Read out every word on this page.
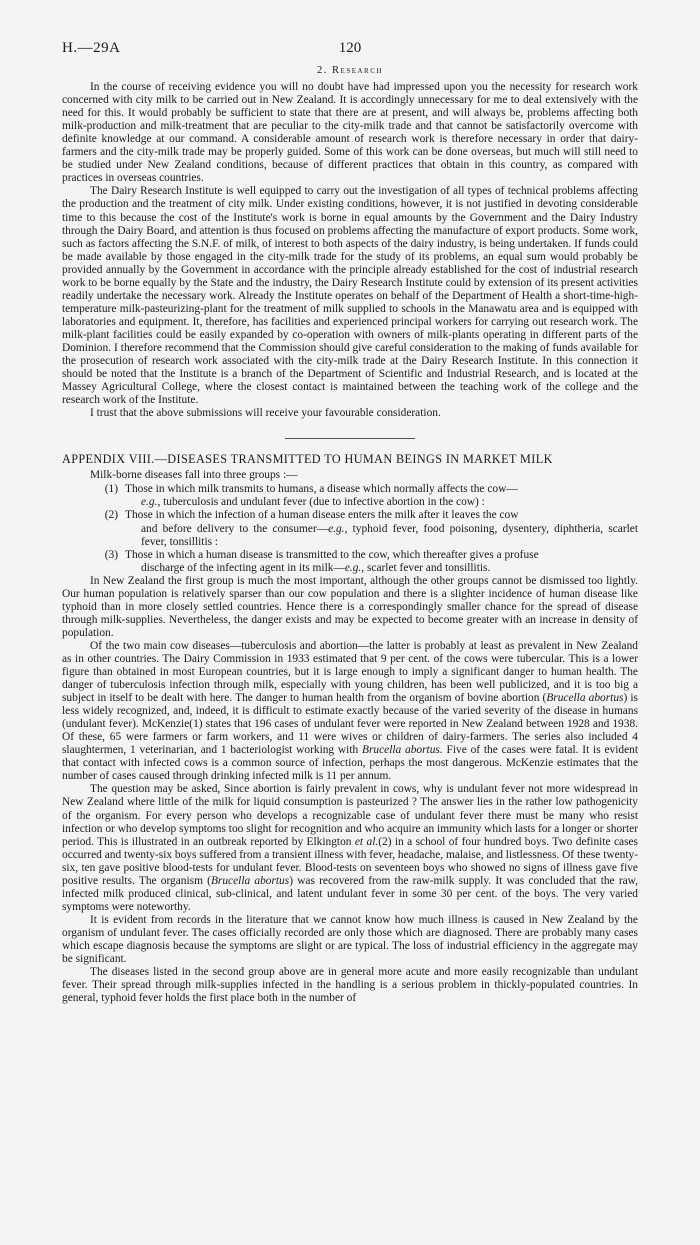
H.—29A	120
2. Research

In the course of receiving evidence you will no doubt have had impressed upon you the necessity for research work concerned with city milk to be carried out in New Zealand. It is accordingly unnecessary for me to deal extensively with the need for this. It would probably be sufficient to state that there are at present, and will always be, problems affecting both milk-production and milk-treatment that are peculiar to the city-milk trade and that cannot be satisfactorily overcome with definite knowledge at our command. A considerable amount of research work is therefore necessary in order that dairy-farmers and the city-milk trade may be properly guided. Some of this work can be done overseas, but much will still need to be studied under New Zealand conditions, because of different practices that obtain in this country, as compared with practices in overseas countries.

The Dairy Research Institute is well equipped to carry out the investigation of all types of technical problems affecting the production and the treatment of city milk. Under existing conditions, however, it is not justified in devoting considerable time to this because the cost of the Institute's work is borne in equal amounts by the Government and the Dairy Industry through the Dairy Board, and attention is thus focused on problems affecting the manufacture of export products. Some work, such as factors affecting the S.N.F. of milk, of interest to both aspects of the dairy industry, is being undertaken. If funds could be made available by those engaged in the city-milk trade for the study of its problems, an equal sum would probably be provided annually by the Government in accordance with the principle already established for the cost of industrial research work to be borne equally by the State and the industry, the Dairy Research Institute could by extension of its present activities readily undertake the necessary work. Already the Institute operates on behalf of the Department of Health a short-time-high-temperature milk-pasteurizing-plant for the treatment of milk supplied to schools in the Manawatu area and is equipped with laboratories and equipment. It, therefore, has facilities and experienced principal workers for carrying out research work. The milk-plant facilities could be easily expanded by co-operation with owners of milk-plants operating in different parts of the Dominion. I therefore recommend that the Commission should give careful consideration to the making of funds available for the prosecution of research work associated with the city-milk trade at the Dairy Research Institute. In this connection it should be noted that the Institute is a branch of the Department of Scientific and Industrial Research, and is located at the Massey Agricultural College, where the closest contact is maintained between the teaching work of the college and the research work of the Institute.

I trust that the above submissions will receive your favourable consideration.

APPENDIX VIII.—DISEASES TRANSMITTED TO HUMAN BEINGS IN MARKET MILK

Milk-borne diseases fall into three groups :—

(1) Those in which milk transmits to humans, a disease which normally affects the cow—
e.g., tuberculosis and undulant fever (due to infective abortion in the cow) :
(2) Those in which the infection of a human disease enters the milk after it leaves the cow
and before delivery to the consumer—e.g., typhoid fever, food poisoning, dysentery, diphtheria, scarlet fever, tonsillitis :
(3) Those in which a human disease is transmitted to the cow, which thereafter gives a profuse
discharge of the infecting agent in its milk—e.g., scarlet fever and tonsillitis.

In New Zealand the first group is much the most important, although the other groups cannot be dismissed too lightly. Our human population is relatively sparser than our cow population and there is a slighter incidence of human disease like typhoid than in more closely settled countries. Hence there is a correspondingly smaller chance for the spread of disease through milk-supplies. Nevertheless, the danger exists and may be expected to become greater with an increase in density of population.

Of the two main cow diseases—tuberculosis and abortion—the latter is probably at least as prevalent in New Zealand as in other countries. The Dairy Commission in 1933 estimated that 9 per cent. of the cows were tubercular. This is a lower figure than obtained in most European countries, but it is large enough to imply a significant danger to human health. The danger of tuberculosis infection through milk, especially with young children, has been well publicized, and it is too big a subject in itself to be dealt with here. The danger to human health from the organism of bovine abortion (Brucella abortus) is less widely recognized, and, indeed, it is difficult to estimate exactly because of the varied severity of the disease in humans (undulant fever). McKenzie(1) states that 196 cases of undulant fever were reported in New Zealand between 1928 and 1938. Of these, 65 were farmers or farm workers, and 11 were wives or children of dairy-farmers. The series also included 4 slaughtermen, 1 veterinarian, and 1 bacteriologist working with Brucella abortus. Five of the cases were fatal. It is evident that contact with infected cows is a common source of infection, perhaps the most dangerous. McKenzie estimates that the number of cases caused through drinking infected milk is 11 per annum.

The question may be asked, Since abortion is fairly prevalent in cows, why is undulant fever not more widespread in New Zealand where little of the milk for liquid consumption is pasteurized ? The answer lies in the rather low pathogenicity of the organism. For every person who develops a recognizable case of undulant fever there must be many who resist infection or who develop symptoms too slight for recognition and who acquire an immunity which lasts for a longer or shorter period. This is illustrated in an outbreak reported by Elkington et al.(2) in a school of four hundred boys. Two definite cases occurred and twenty-six boys suffered from a transient illness with fever, headache, malaise, and listlessness. Of these twenty-six, ten gave positive blood-tests for undulant fever. Blood-tests on seventeen boys who showed no signs of illness gave five positive results. The organism (Brucella abortus) was recovered from the raw-milk supply. It was concluded that the raw, infected milk produced clinical, sub-clinical, and latent undulant fever in some 30 per cent. of the boys. The very varied symptoms were noteworthy.

It is evident from records in the literature that we cannot know how much illness is caused in New Zealand by the organism of undulant fever. The cases officially recorded are only those which are diagnosed. There are probably many cases which escape diagnosis because the symptoms are slight or are typical. The loss of industrial efficiency in the aggregate may be significant.

The diseases listed in the second group above are in general more acute and more easily recognizable than undulant fever. Their spread through milk-supplies infected in the handling is a serious problem in thickly-populated countries. In general, typhoid fever holds the first place both in the number of
